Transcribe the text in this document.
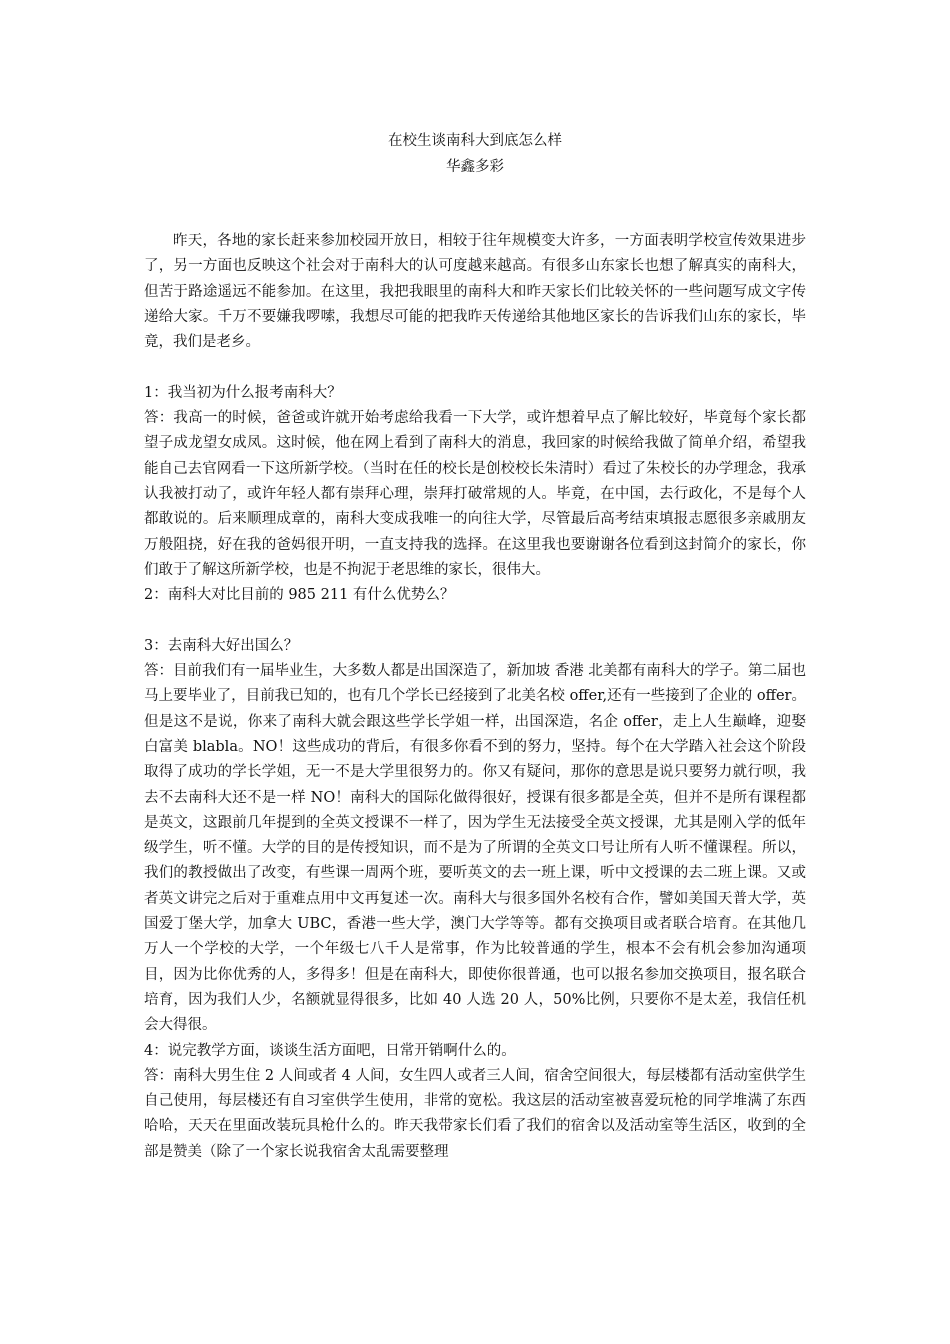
在校生谈南科大到底怎么样
华鑫多彩

昨天，各地的家长赶来参加校园开放日，相较于往年规模变大许多，一方面表明学校宣传效果进步了，另一方面也反映这个社会对于南科大的认可度越来越高。有很多山东家长也想了解真实的南科大，但苦于路途遥远不能参加。在这里，我把我眼里的南科大和昨天家长们比较关怀的一些问题写成文字传递给大家。千万不要嫌我啰嗦，我想尽可能的把我昨天传递给其他地区家长的告诉我们山东的家长，毕竟，我们是老乡。

1：我当初为什么报考南科大？

答：我高一的时候，爸爸或许就开始考虑给我看一下大学，或许想着早点了解比较好，毕竟每个家长都望子成龙望女成凤。这时候，他在网上看到了南科大的消息，我回家的时候给我做了简单介绍，希望我能自己去官网看一下这所新学校。（当时在任的校长是创校校长朱清时）看过了朱校长的办学理念，我承认我被打动了，或许年轻人都有崇拜心理，崇拜打破常规的人。毕竟，在中国，去行政化，不是每个人都敢说的。后来顺理成章的，南科大变成我唯一的向往大学，尽管最后高考结束填报志愿很多亲戚朋友万般阻挠，好在我的爸妈很开明，一直支持我的选择。在这里我也要谢谢各位看到这封简介的家长，你们敢于了解这所新学校，也是不拘泥于老思维的家长，很伟大。

2：南科大对比目前的 985 211 有什么优势么？

3：去南科大好出国么？

答：目前我们有一届毕业生，大多数人都是出国深造了，新加坡 香港 北美都有南科大的学子。第二届也马上要毕业了，目前我已知的，也有几个学长已经接到了北美名校 offer,还有一些接到了企业的 offer。但是这不是说，你来了南科大就会跟这些学长学姐一样，出国深造，名企 offer，走上人生巅峰，迎娶白富美 blabla。NO！这些成功的背后，有很多你看不到的努力，坚持。每个在大学踏入社会这个阶段取得了成功的学长学姐，无一不是大学里很努力的。你又有疑问，那你的意思是说只要努力就行呗，我去不去南科大还不是一样 NO！南科大的国际化做得很好，授课有很多都是全英，但并不是所有课程都是英文，这跟前几年提到的全英文授课不一样了，因为学生无法接受全英文授课，尤其是刚入学的低年级学生，听不懂。大学的目的是传授知识，而不是为了所谓的全英文口号让所有人听不懂课程。所以，我们的教授做出了改变，有些课一周两个班，要听英文的去一班上课，听中文授课的去二班上课。又或者英文讲完之后对于重难点用中文再复述一次。南科大与很多国外名校有合作，譬如美国天普大学，英国爱丁堡大学，加拿大 UBC，香港一些大学，澳门大学等等。都有交换项目或者联合培育。在其他几万人一个学校的大学，一个年级七八千人是常事，作为比较普通的学生，根本不会有机会参加沟通项目，因为比你优秀的人，多得多！但是在南科大，即使你很普通，也可以报名参加交换项目，报名联合培育，因为我们人少，名额就显得很多，比如 40 人选 20 人，50%比例，只要你不是太差，我信任机会大得很。

4：说完教学方面，谈谈生活方面吧，日常开销啊什么的。

答：南科大男生住 2 人间或者 4 人间，女生四人或者三人间，宿舍空间很大，每层楼都有活动室供学生自己使用，每层楼还有自习室供学生使用，非常的宽松。我这层的活动室被喜爱玩枪的同学堆满了东西哈哈，天天在里面改装玩具枪什么的。昨天我带家长们看了我们的宿舍以及活动室等生活区，收到的全部是赞美（除了一个家长说我宿舍太乱需要整理
